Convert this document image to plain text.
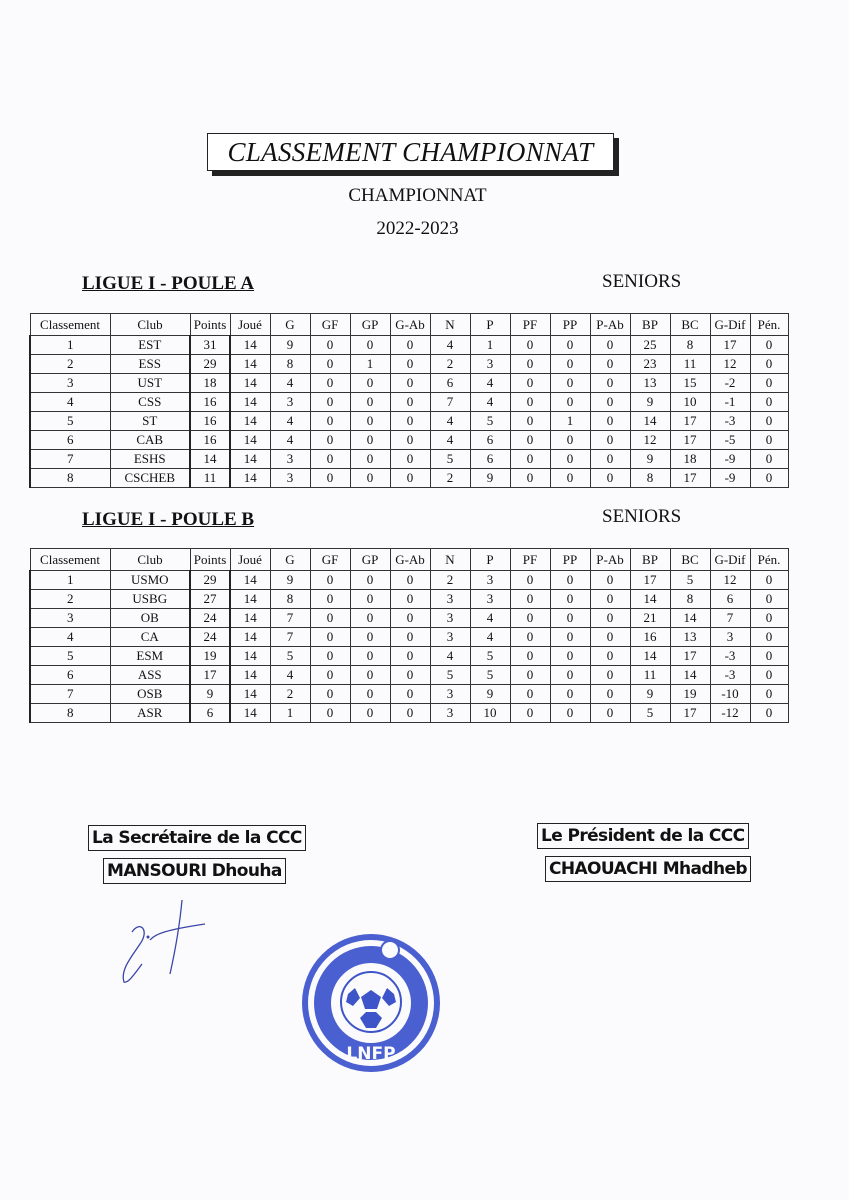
CLASSEMENT CHAMPIONNAT
CHAMPIONNAT
2022-2023
LIGUE I - POULE A	SENIORS
Classement	Club	Points	Joué	G	GF	GP	G-Ab	N	P	PF	PP	P-Ab	BP	BC	G-Dif	Pén.
1	EST	31	14	9	0	0	0	4	1	0	0	0	25	8	17	0
2	ESS	29	14	8	0	1	0	2	3	0	0	0	23	11	12	0
3	UST	18	14	4	0	0	0	6	4	0	0	0	13	15	-2	0
4	CSS	16	14	3	0	0	0	7	4	0	0	0	9	10	-1	0
5	ST	16	14	4	0	0	0	4	5	0	1	0	14	17	-3	0
6	CAB	16	14	4	0	0	0	4	6	0	0	0	12	17	-5	0
7	ESHS	14	14	3	0	0	0	5	6	0	0	0	9	18	-9	0
8	CSCHEB	11	14	3	0	0	0	2	9	0	0	0	8	17	-9	0
LIGUE I - POULE B	SENIORS
Classement	Club	Points	Joué	G	GF	GP	G-Ab	N	P	PF	PP	P-Ab	BP	BC	G-Dif	Pén.
1	USMO	29	14	9	0	0	0	2	3	0	0	0	17	5	12	0
2	USBG	27	14	8	0	0	0	3	3	0	0	0	14	8	6	0
3	OB	24	14	7	0	0	0	3	4	0	0	0	21	14	7	0
4	CA	24	14	7	0	0	0	3	4	0	0	0	16	13	3	0
5	ESM	19	14	5	0	0	0	4	5	0	0	0	14	17	-3	0
6	ASS	17	14	4	0	0	0	5	5	0	0	0	11	14	-3	0
7	OSB	9	14	2	0	0	0	3	9	0	0	0	9	19	-10	0
8	ASR	6	14	1	0	0	0	3	10	0	0	0	5	17	-12	0
La Secrétaire de la CCC
MANSOURI Dhouha
Le Président de la CCC
CHAOUACHI Mhadheb
LNFP
1994
